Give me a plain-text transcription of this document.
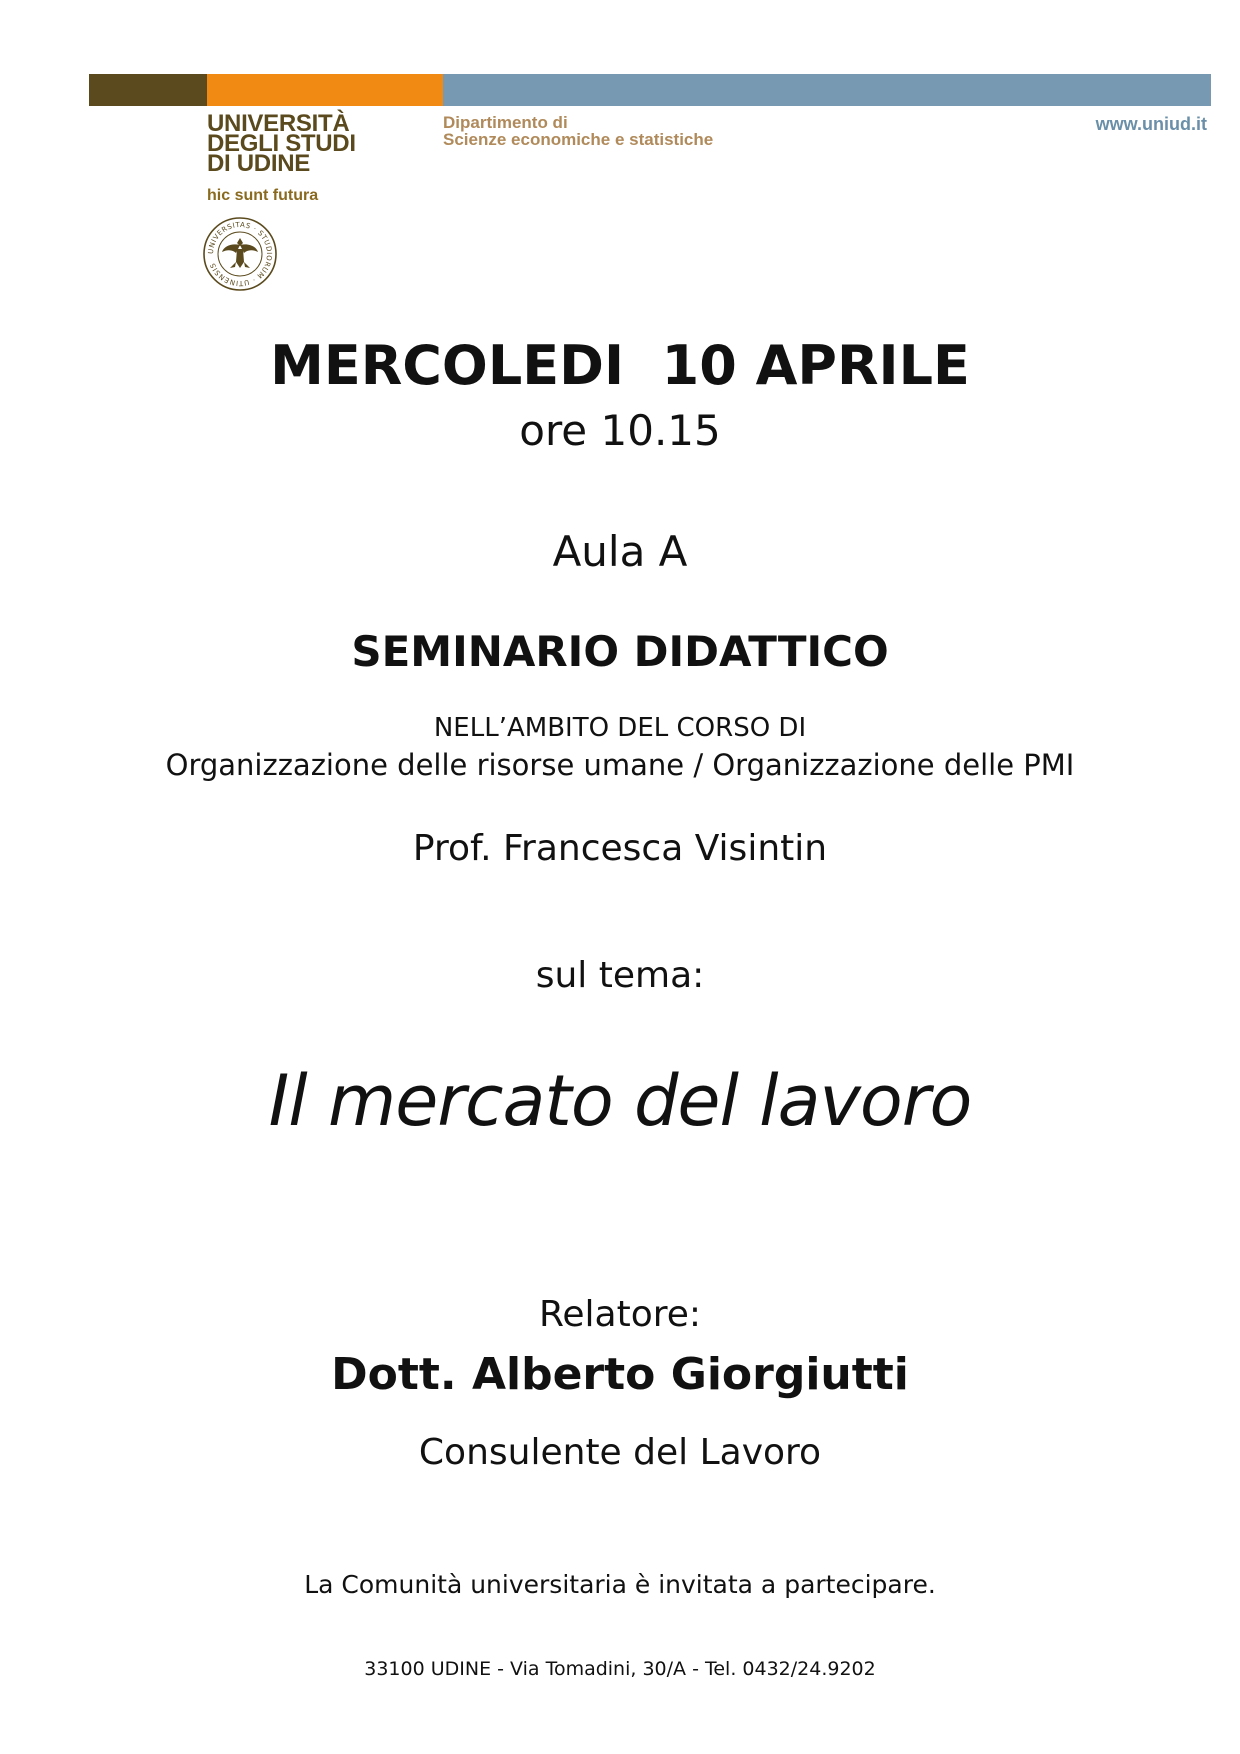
UNIVERSITÀ
DEGLI STUDI
DI UDINE
hic sunt futura
UNIVERSITAS · STUDIORUM · UTINENSIS
Dipartimento di
Scienze economiche e statistiche
www.uniud.it
MERCOLEDI  10 APRILE
ore 10.15
Aula A
SEMINARIO DIDATTICO
NELL’AMBITO DEL CORSO DI
Organizzazione delle risorse umane / Organizzazione delle PMI
Prof. Francesca Visintin
sul tema:
Il mercato del lavoro
Relatore:
Dott. Alberto Giorgiutti
Consulente del Lavoro
La Comunità universitaria è invitata a partecipare.
33100 UDINE - Via Tomadini, 30/A - Tel. 0432/24.9202
